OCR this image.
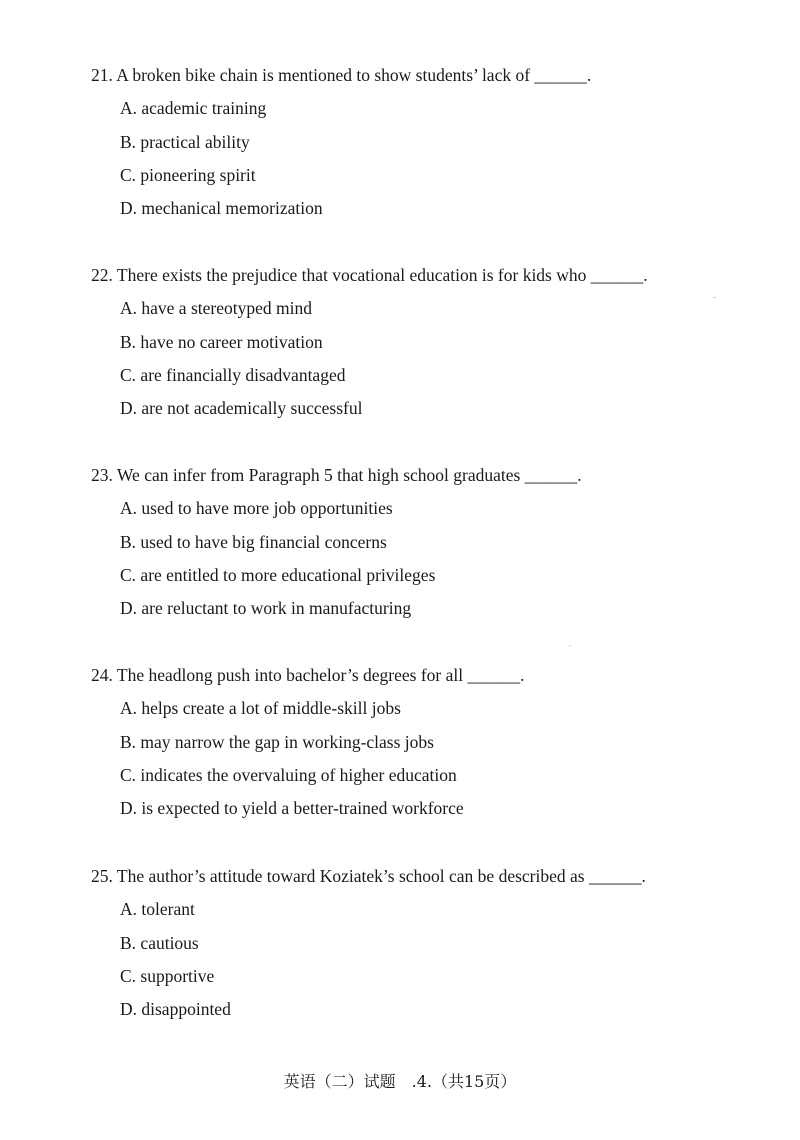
21. A broken bike chain is mentioned to show students’ lack of ______.
A. academic training
B. practical ability
C. pioneering spirit
D. mechanical memorization
22. There exists the prejudice that vocational education is for kids who ______.
A. have a stereotyped mind
B. have no career motivation
C. are financially disadvantaged
D. are not academically successful
23. We can infer from Paragraph 5 that high school graduates ______.
A. used to have more job opportunities
B. used to have big financial concerns
C. are entitled to more educational privileges
D. are reluctant to work in manufacturing
24. The headlong push into bachelor’s degrees for all ______.
A. helps create a lot of middle-skill jobs
B. may narrow the gap in working-class jobs
C. indicates the overvaluing of higher education
D. is expected to yield a better-trained workforce
25. The author’s attitude toward Koziatek’s school can be described as ______.
A. tolerant
B. cautious
C. supportive
D. disappointed
英语（二）试题　.4.（共15页）
